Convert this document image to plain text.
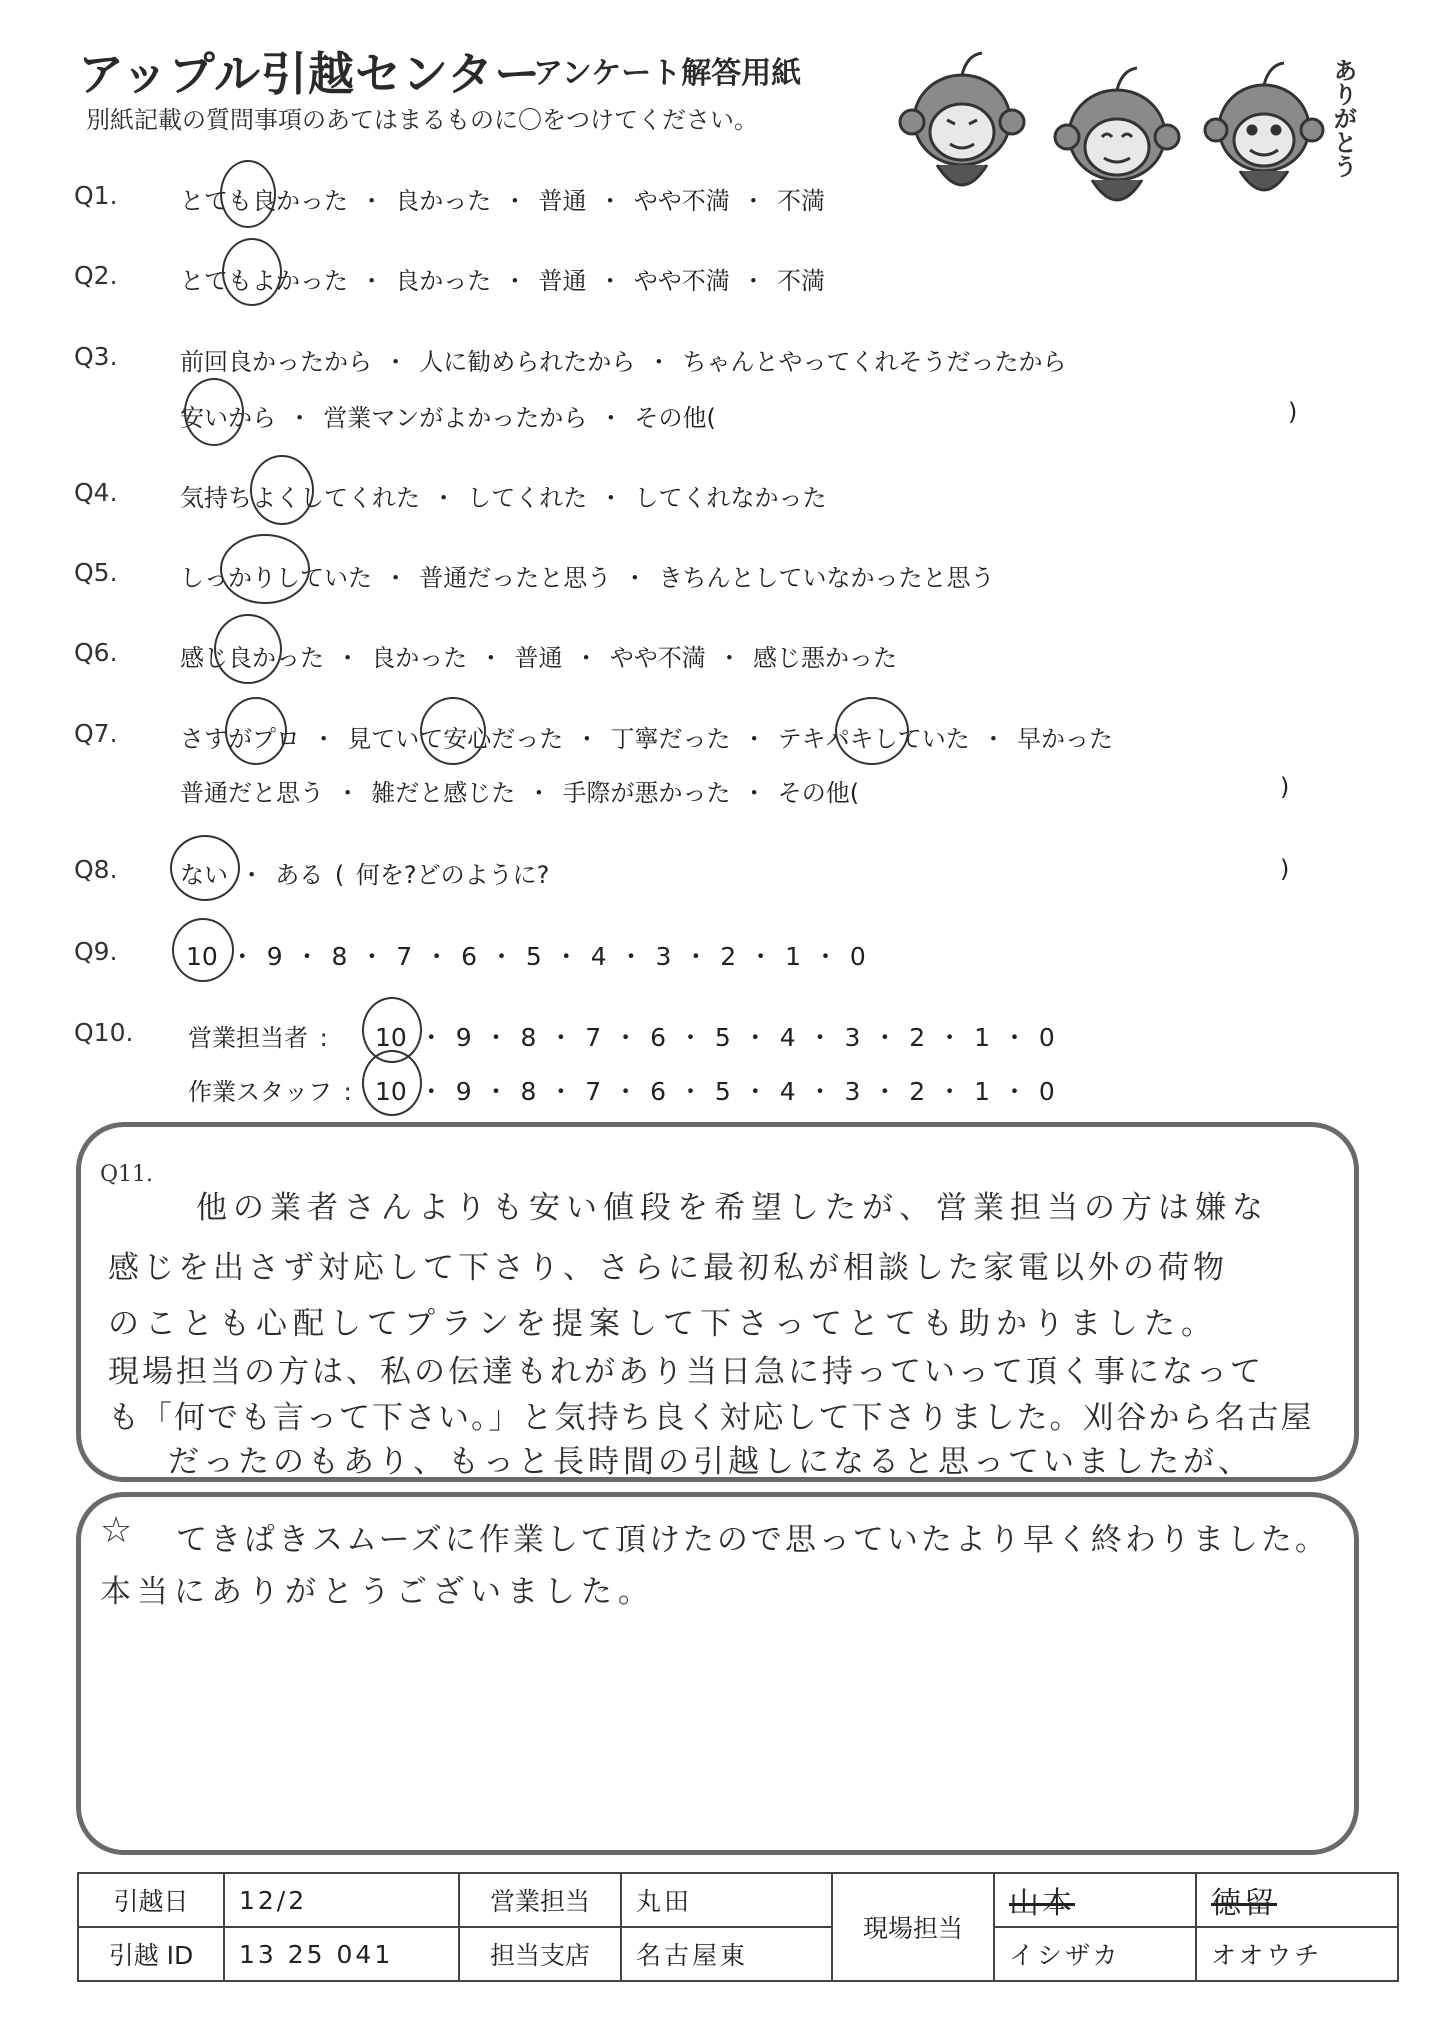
アップル引越センター
アンケート解答用紙
別紙記載の質問事項のあてはまるものに〇をつけてください。	ありがとう
Q1.	とても良かった ・ 良かった ・ 普通 ・ やや不満 ・ 不満
Q2.	とてもよかった ・ 良かった ・ 普通 ・ やや不満 ・ 不満
Q3.	前回良かったから ・ 人に勧められたから ・ ちゃんとやってくれそうだったから
安いから ・ 営業マンがよかったから ・ その他(	)
Q4.	気持ちよくしてくれた ・ してくれた ・ してくれなかった
Q5.	しっかりしていた ・ 普通だったと思う ・ きちんとしていなかったと思う
Q6.	感じ良かった ・ 良かった ・ 普通 ・ やや不満 ・ 感じ悪かった
Q7.	さすがプロ ・ 見ていて安心だった ・ 丁寧だった ・ テキパキしていた ・ 早かった
普通だと思う ・ 雑だと感じた ・ 手際が悪かった ・ その他(	)
Q8.	ない ・ ある ( 何を?どのように?	)
Q9.	10 ・ 9 ・ 8 ・ 7 ・ 6 ・ 5 ・ 4 ・ 3 ・ 2 ・ 1 ・ 0
Q10. 営業担当者 : 10 ・ 9 ・ 8 ・ 7 ・ 6 ・ 5 ・ 4 ・ 3 ・ 2 ・ 1 ・ 0
作業スタッフ : 10 ・ 9 ・ 8 ・ 7 ・ 6 ・ 5 ・ 4 ・ 3 ・ 2 ・ 1 ・ 0
Q11.
他の業者さんよりも安い値段を希望したが、営業担当の方は嫌な
感じを出さず対応して下さり、さらに最初私が相談した家電以外の荷物
のことも心配してプランを提案して下さってとても助かりました。
現場担当の方は、私の伝達もれがあり当日急に持っていって頂く事になって
も「何でも言って下さい。」と気持ち良く対応して下さりました。刈谷から名古屋
だったのもあり、もっと長時間の引越しになると思っていましたが、
☆ てきぱきスムーズに作業して頂けたので思っていたより早く終わりました。
本当にありがとうございました。
引越日	12/2	営業担当	丸田	現場担当	山本	徳留
引越 ID	13 25 041	担当支店	名古屋東		イシザカ	オオウチ
